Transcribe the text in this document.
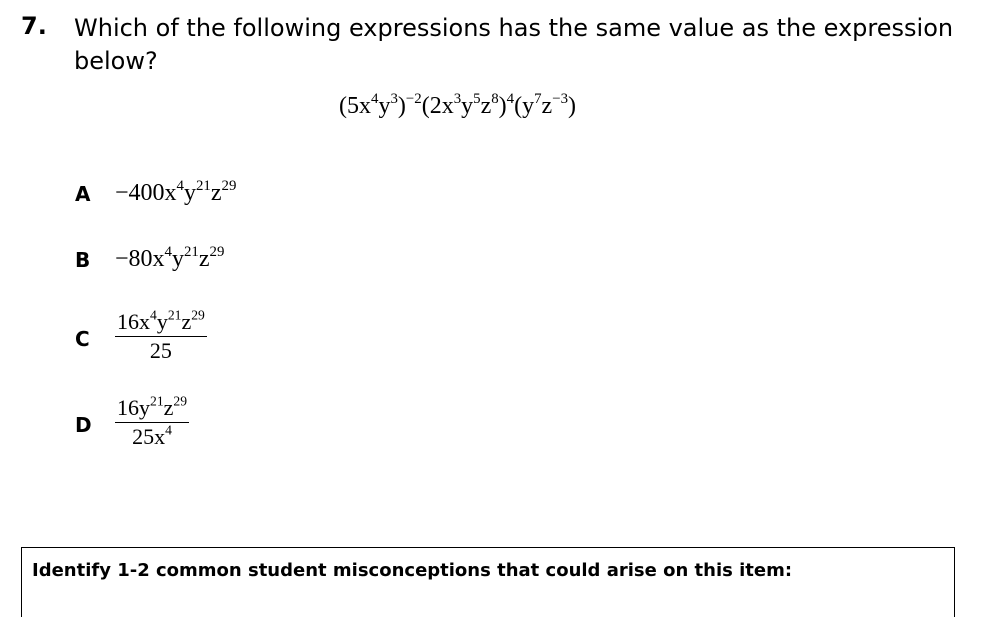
7. Which of the following expressions has the same value as the expression below?
$(5x^4y^3)^{-2}(2x^3y^5z^8)^4(y^7z^{-3})$
$A -400x^4y^{21}z^{29}$
$B -80x^4y^{21}z^{29}$
C $\frac{16x^4y^{21}z^{29}}{25}$
D $\frac{16y^{21}z^{29}}{25x^4}$
Identify 1-2 common student misconceptions that could arise on this item:
